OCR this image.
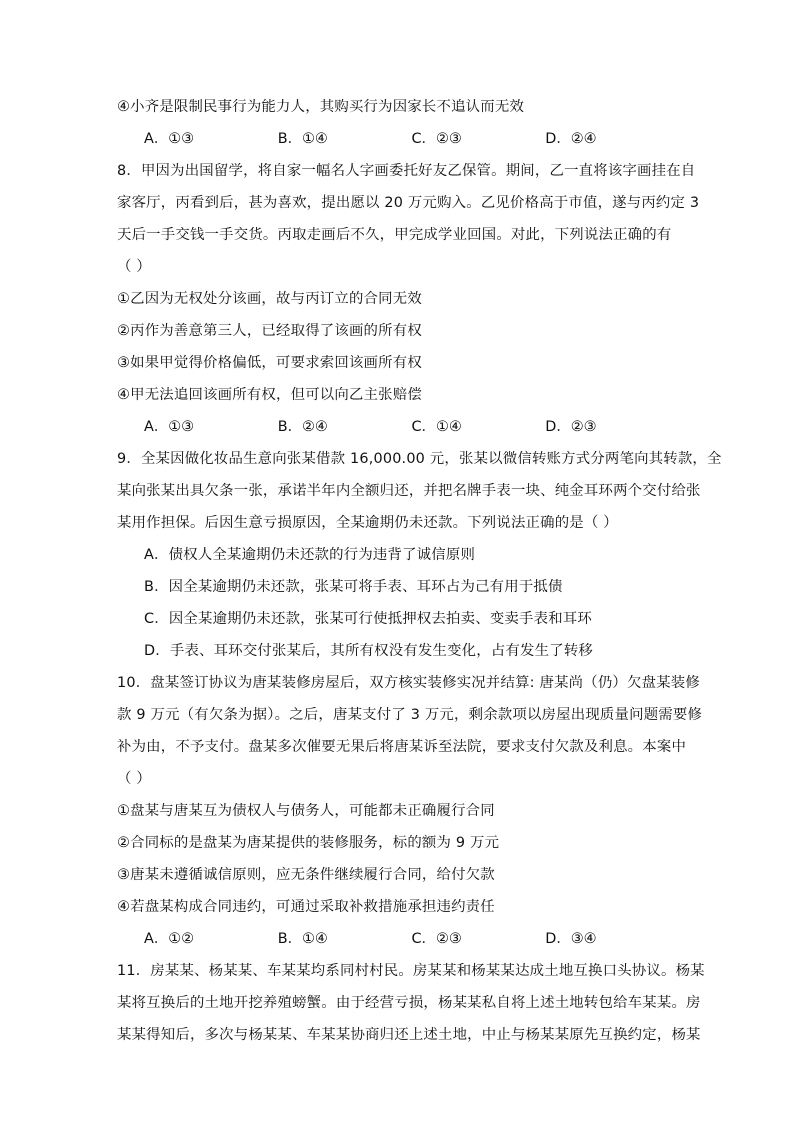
④小齐是限制民事行为能力人，其购买行为因家长不追认而无效

A．①③	B．①④	C．②③	D．②④

8．甲因为出国留学，将自家一幅名人字画委托好友乙保管。期间，乙一直将该字画挂在自

家客厅，丙看到后，甚为喜欢，提出愿以 20 万元购入。乙见价格高于市值，遂与丙约定 3

天后一手交钱一手交货。丙取走画后不久，甲完成学业回国。对此，下列说法正确的有

（ ）

①乙因为无权处分该画，故与丙订立的合同无效

②丙作为善意第三人，已经取得了该画的所有权

③如果甲觉得价格偏低，可要求索回该画所有权

④甲无法追回该画所有权，但可以向乙主张赔偿

A．①③	B．②④	C．①④	D．②③

9．全某因做化妆品生意向张某借款 16,000.00 元，张某以微信转账方式分两笔向其转款，全

某向张某出具欠条一张，承诺半年内全额归还，并把名牌手表一块、纯金耳环两个交付给张

某用作担保。后因生意亏损原因，全某逾期仍未还款。下列说法正确的是（ ）

A．债权人全某逾期仍未还款的行为违背了诚信原则

B．因全某逾期仍未还款，张某可将手表、耳环占为己有用于抵债

C．因全某逾期仍未还款，张某可行使抵押权去拍卖、变卖手表和耳环

D．手表、耳环交付张某后，其所有权没有发生变化，占有发生了转移

10．盘某签订协议为唐某装修房屋后，双方核实装修实况并结算: 唐某尚（仍）欠盘某装修

款 9 万元（有欠条为据）。之后，唐某支付了 3 万元，剩余款项以房屋出现质量问题需要修

补为由，不予支付。盘某多次催要无果后将唐某诉至法院，要求支付欠款及利息。本案中

（ ）

①盘某与唐某互为债权人与债务人，可能都未正确履行合同

②合同标的是盘某为唐某提供的装修服务，标的额为 9 万元

③唐某未遵循诚信原则，应无条件继续履行合同，给付欠款

④若盘某构成合同违约，可通过采取补救措施承担违约责任

A．①②	B．①④	C．②③	D．③④

11．房某某、杨某某、车某某均系同村村民。房某某和杨某某达成土地互换口头协议。杨某

某将互换后的土地开挖养殖螃蟹。由于经营亏损，杨某某私自将上述土地转包给车某某。房

某某得知后，多次与杨某某、车某某协商归还上述土地，中止与杨某某原先互换约定，杨某
